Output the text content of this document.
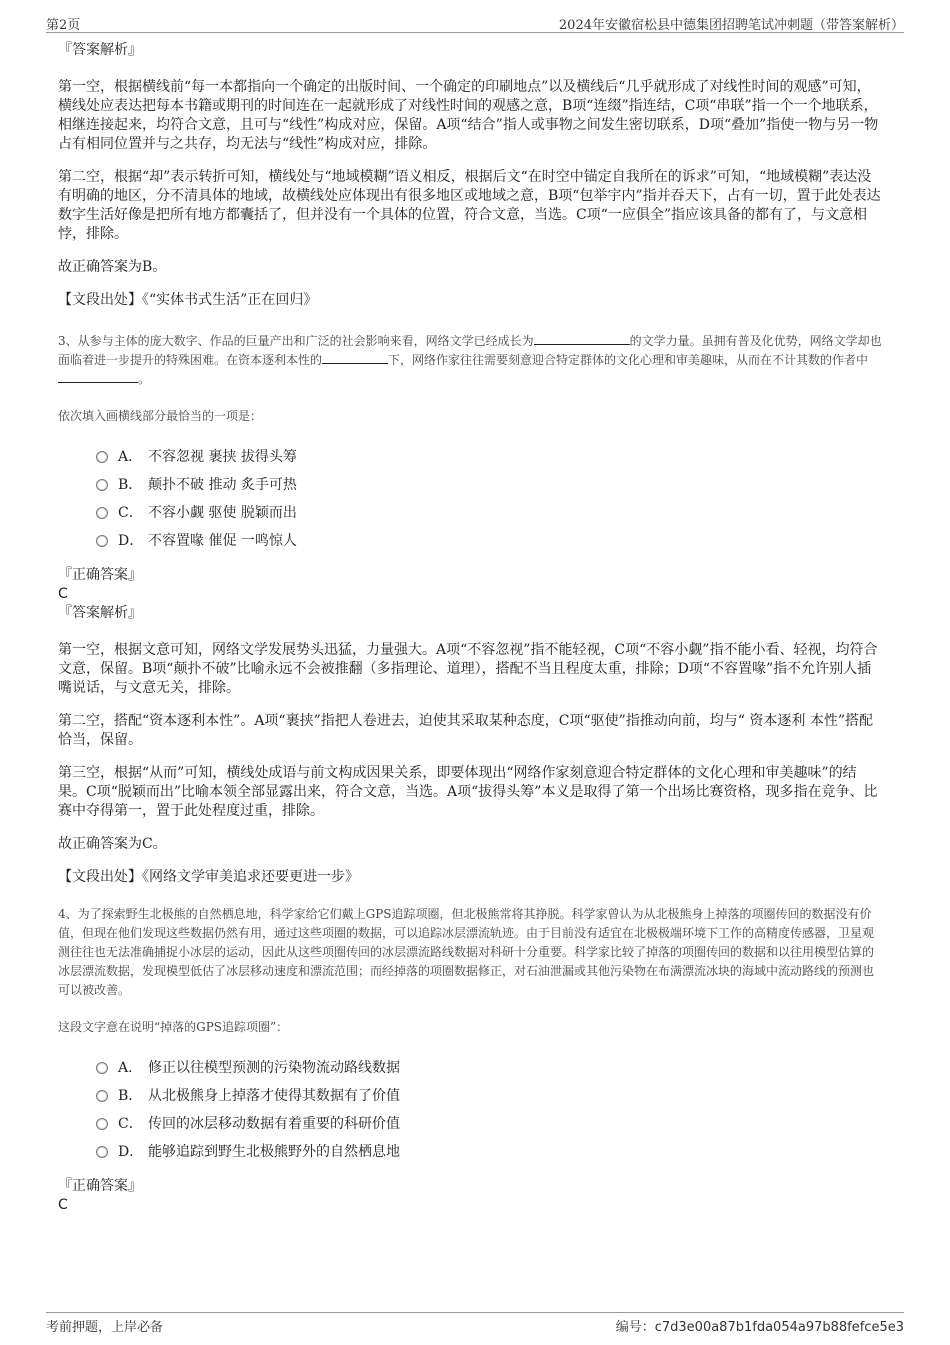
第2页	2024年安徽宿松县中德集团招聘笔试冲刺题（带答案解析）

『答案解析』

第一空，根据横线前“每一本都指向一个确定的出版时间、一个确定的印刷地点”以及横线后“几乎就形成了对线性时间的观感”可知，横线处应表达把每本书籍或期刊的时间连在一起就形成了对线性时间的观感之意，B项“连缀”指连结，C项“串联”指一个一个地联系，相继连接起来，均符合文意，且可与“线性”构成对应，保留。A项“结合”指人或事物之间发生密切联系，D项“叠加”指使一物与另一物占有相同位置并与之共存，均无法与“线性”构成对应，排除。

第二空，根据“却”表示转折可知，横线处与“地域模糊”语义相反，根据后文“在时空中锚定自我所在的诉求”可知，“地域模糊”表达没有明确的地区，分不清具体的地域，故横线处应体现出有很多地区或地域之意，B项“包举宇内”指并吞天下，占有一切，置于此处表达数字生活好像是把所有地方都囊括了，但并没有一个具体的位置，符合文意，当选。C项“一应俱全”指应该具备的都有了，与文意相悖，排除。

故正确答案为B。

【文段出处】《“实体书式生活”正在回归》

3、从参与主体的庞大数字、作品的巨量产出和广泛的社会影响来看，网络文学已经成长为	的文学力量。虽拥有普及化优势，网络文学却也面临着进一步提升的特殊困难。在资本逐利本性的	下，网络作家往往需要刻意迎合特定群体的文化心理和审美趣味，从而在不计其数的作者中。

依次填入画横线部分最恰当的一项是：

A． 不容忽视 裹挟 拔得头筹
B． 颠扑不破 推动 炙手可热
C． 不容小觑 驱使 脱颖而出
D． 不容置喙 催促 一鸣惊人

『正确答案』

C

『答案解析』

第一空，根据文意可知，网络文学发展势头迅猛，力量强大。A项“不容忽视”指不能轻视，C项“不容小觑”指不能小看、轻视，均符合文意，保留。B项“颠扑不破”比喻永远不会被推翻（多指理论、道理），搭配不当且程度太重，排除；D项“不容置喙”指不允许别人插嘴说话，与文意无关，排除。

第二空，搭配“资本逐利本性”。A项“裹挟”指把人卷进去，迫使其采取某种态度，C项“驱使”指推动向前，均与“ 资本逐利 本性”搭配恰当，保留。

第三空，根据“从而”可知，横线处成语与前文构成因果关系，即要体现出“网络作家刻意迎合特定群体的文化心理和审美趣味”的结果。C项“脱颖而出”比喻本领全部显露出来，符合文意，当选。A项“拔得头筹”本义是取得了第一个出场比赛资格，现多指在竞争、比赛中夺得第一，置于此处程度过重，排除。

故正确答案为C。

【文段出处】《网络文学审美追求还要更进一步》

4、为了探索野生北极熊的自然栖息地，科学家给它们戴上GPS追踪项圈，但北极熊常将其挣脱。科学家曾认为从北极熊身上掉落的项圈传回的数据没有价值，但现在他们发现这些数据仍然有用，通过这些项圈的数据，可以追踪冰层漂流轨迹。由于目前没有适宜在北极极端环境下工作的高精度传感器，卫星观测往往也无法准确捕捉小冰层的运动，因此从这些项圈传回的冰层漂流路线数据对科研十分重要。科学家比较了掉落的项圈传回的数据和以往用模型估算的冰层漂流数据，发现模型低估了冰层移动速度和漂流范围；而经掉落的项圈数据修正，对石油泄漏或其他污染物在布满漂流冰块的海域中流动路线的预测也可以被改善。

这段文字意在说明“掉落的GPS追踪项圈”：

A． 修正以往模型预测的污染物流动路线数据
B． 从北极熊身上掉落才使得其数据有了价值
C． 传回的冰层移动数据有着重要的科研价值
D． 能够追踪到野生北极熊野外的自然栖息地

『正确答案』

C

考前押题，上岸必备	编号：c7d3e00a87b1fda054a97b88fefce5e3
